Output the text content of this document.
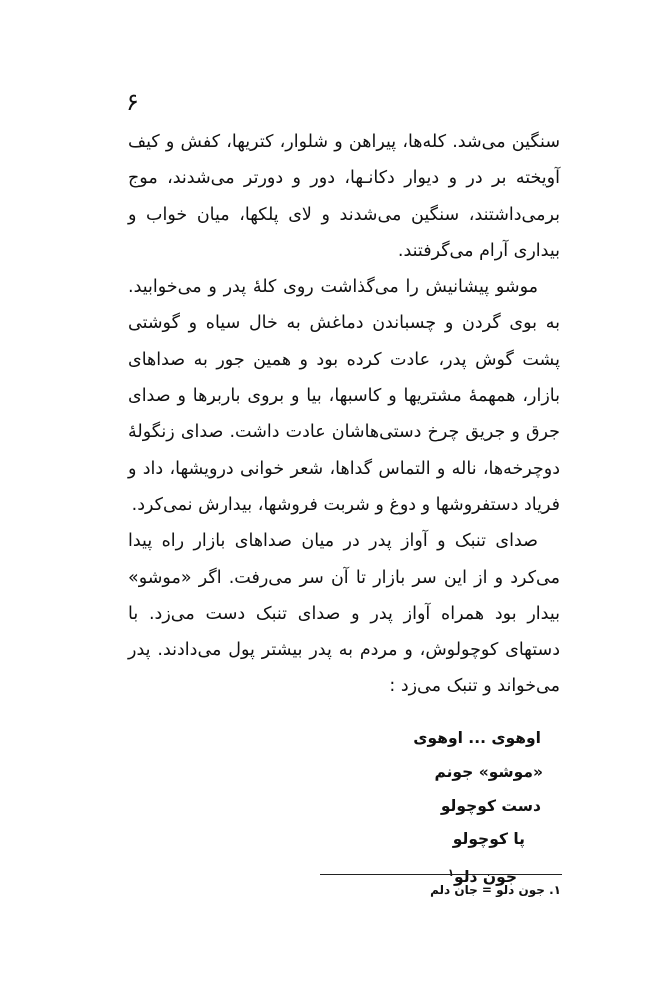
۶

سنگین می‌شد. کله‌ها، پیراهن و شلوار، کتریها، کفش و کیف آویخته بر در و دیوار دکانـها، دور و دورتر می‌شدند، موج برمی‌داشتند، سنگین می‌شدند و لای پلکها، میان خواب و بیداری آرام می‌گرفتند.

موشو پیشانیش را می‌گذاشت روی کلهٔ پدر و می‌خوابید. به بوی گردن و چسباندن دماغش به خال سیاه و گوشتی پشت گوش پدر، عادت کرده بود و همین جور به صداهای بازار، همهمهٔ مشتریها و کاسبها، بیا و بروی باربرها و صدای جرق و جریق چرخ دستی‌هاشان عادت داشت. صدای زنگولهٔ دوچرخه‌ها، ناله و التماس گداها، شعر خوانی درویشها، داد و فریاد دستفروشها و دوغ و شربت فروشها، بیدارش نمی‌کرد.

صدای تنبک و آواز پدر در میان صداهای بازار راه پیدا می‌کرد و از این سر بازار تا آن سر می‌رفت. اگر «موشو» بیدار بود همراه آواز پدر و صدای تنبک دست می‌زد. با دستهای کوچولوش، و مردم به پدر بیشتر پول می‌دادند. پدر می‌خواند و تنبک می‌زد :

اوهوی ... اوهوی
«موشو» جونم
دست کوچولو
پا کوچولو
جون دلو$^۱$
۱. جون دلو = جان دلم
